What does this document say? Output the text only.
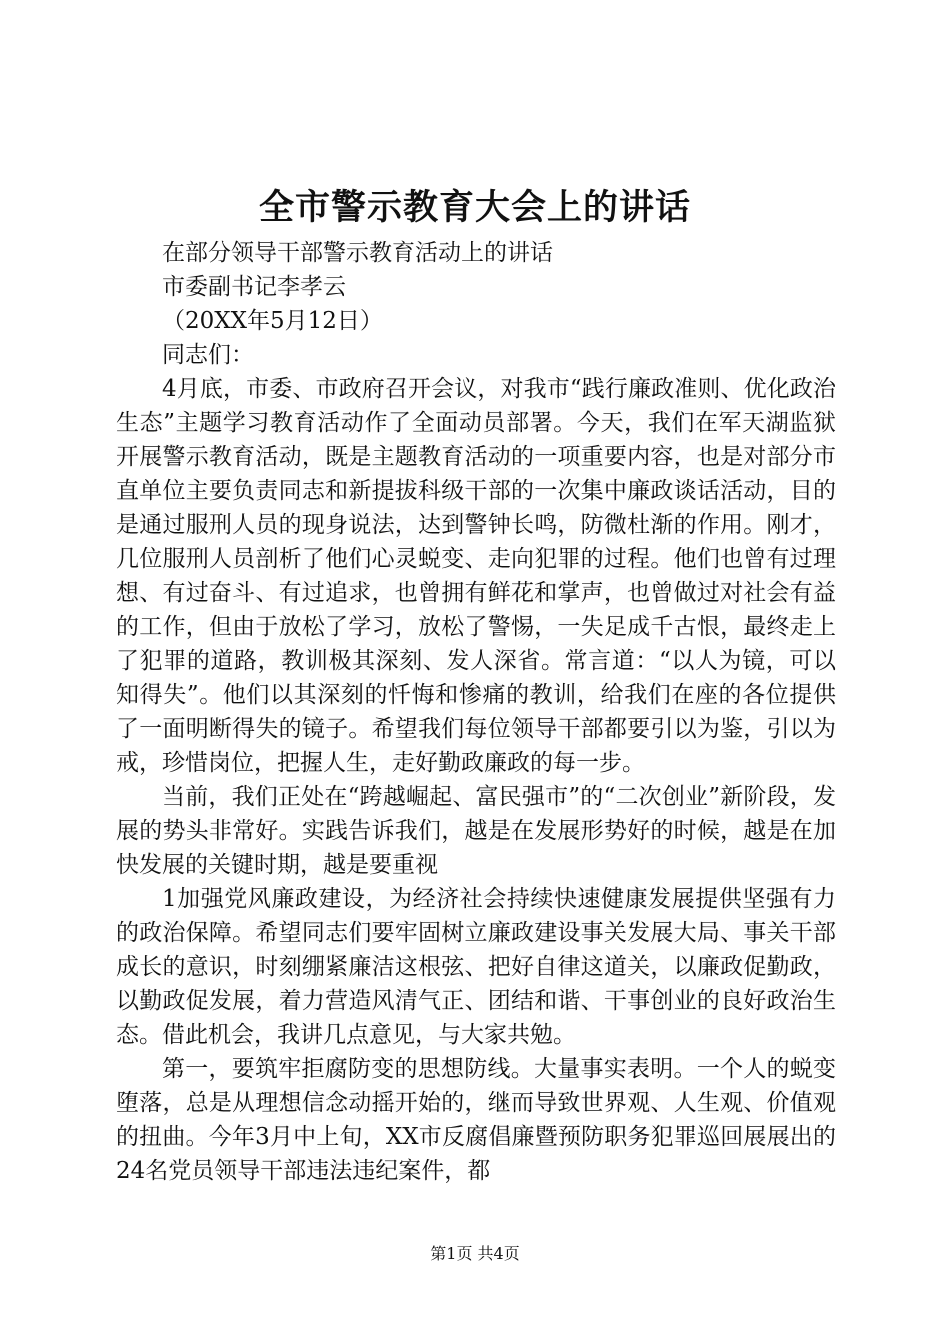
全市警示教育大会上的讲话

在部分领导干部警示教育活动上的讲话

市委副书记李孝云

（20XX年5月12日）

同志们：

4月底，市委、市政府召开会议，对我市“践行廉政准则、优化政治生态”主题学习教育活动作了全面动员部署。今天，我们在军天湖监狱开展警示教育活动，既是主题教育活动的一项重要内容，也是对部分市直单位主要负责同志和新提拔科级干部的一次集中廉政谈话活动，目的是通过服刑人员的现身说法，达到警钟长鸣，防微杜渐的作用。刚才，几位服刑人员剖析了他们心灵蜕变、走向犯罪的过程。他们也曾有过理想、有过奋斗、有过追求，也曾拥有鲜花和掌声，也曾做过对社会有益的工作，但由于放松了学习，放松了警惕，一失足成千古恨，最终走上了犯罪的道路，教训极其深刻、发人深省。常言道：“以人为镜，可以知得失”。他们以其深刻的忏悔和惨痛的教训，给我们在座的各位提供了一面明断得失的镜子。希望我们每位领导干部都要引以为鉴，引以为戒，珍惜岗位，把握人生，走好勤政廉政的每一步。

当前，我们正处在“跨越崛起、富民强市”的“二次创业”新阶段，发展的势头非常好。实践告诉我们，越是在发展形势好的时候，越是在加快发展的关键时期，越是要重视

1加强党风廉政建设，为经济社会持续快速健康发展提供坚强有力的政治保障。希望同志们要牢固树立廉政建设事关发展大局、事关干部成长的意识，时刻绷紧廉洁这根弦、把好自律这道关，以廉政促勤政，以勤政促发展，着力营造风清气正、团结和谐、干事创业的良好政治生态。借此机会，我讲几点意见，与大家共勉。

第一，要筑牢拒腐防变的思想防线。大量事实表明。一个人的蜕变堕落，总是从理想信念动摇开始的，继而导致世界观、人生观、价值观的扭曲。今年3月中上旬，XX市反腐倡廉暨预防职务犯罪巡回展展出的24名党员领导干部违法违纪案件，都

第1页 共4页
